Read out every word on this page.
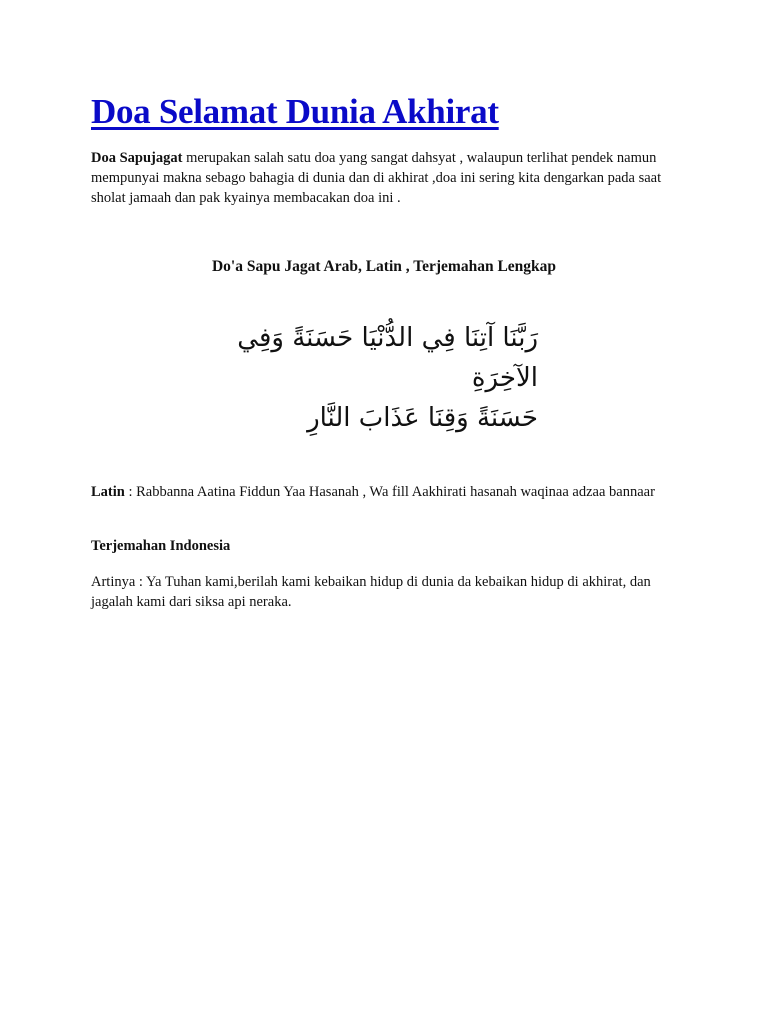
Doa Selamat Dunia Akhirat
Doa Sapujagat merupakan salah satu doa yang sangat dahsyat , walaupun terlihat pendek namun mempunyai makna sebago bahagia di dunia dan di akhirat ,doa ini sering kita dengarkan pada saat sholat jamaah dan pak kyainya membacakan doa ini .
Do'a Sapu Jagat Arab, Latin , Terjemahan Lengkap
رَبَّنَا آتِنَا فِي الدُّنْيَا حَسَنَةً وَفِي الآخِرَةِ
حَسَنَةً وَقِنَا عَذَابَ النَّارِ
Latin : Rabbanna Aatina Fiddun Yaa Hasanah , Wa fill Aakhirati hasanah waqinaa adzaa bannaar
Terjemahan Indonesia
Artinya : Ya Tuhan kami,berilah kami kebaikan hidup di dunia da kebaikan hidup di akhirat, dan jagalah kami dari siksa api neraka.
